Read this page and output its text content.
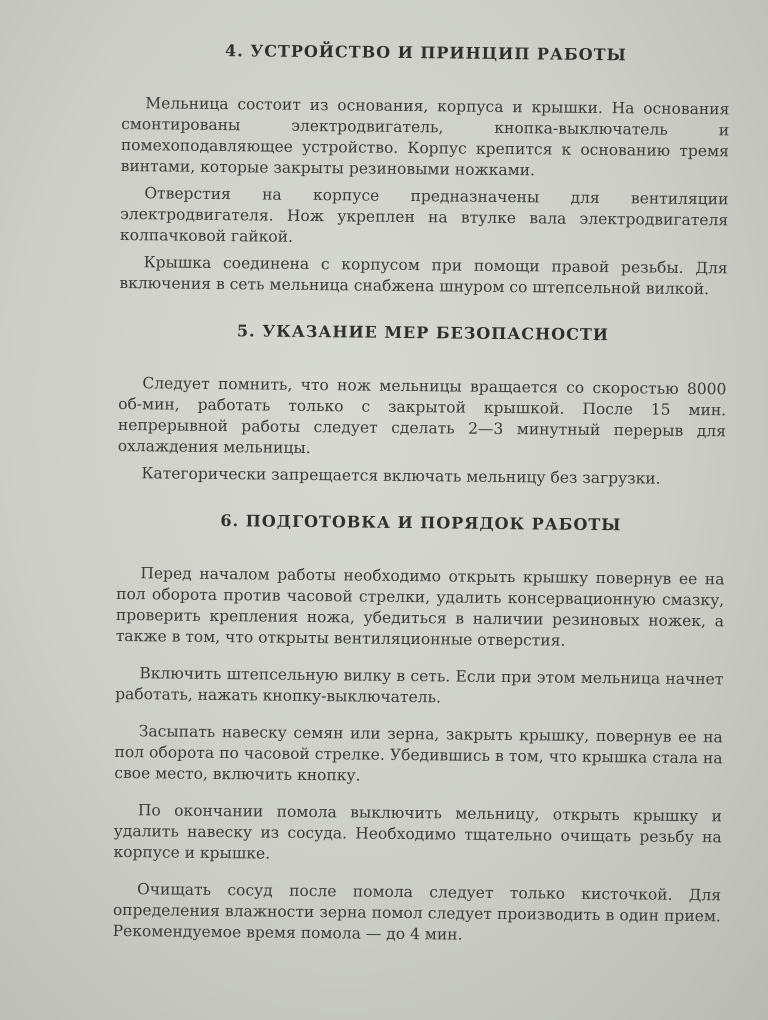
4. УСТРОЙСТВО И ПРИНЦИП РАБОТЫ

Мельница состоит из основания, корпуса и крышки. На основания смонтированы электродвигатель, кнопка-выключатель и помехоподавляющее устройство. Корпус крепится к основанию тремя винтами, которые закрыты резиновыми ножками.

Отверстия на корпусе предназначены для вентиляции электродвигателя. Нож укреплен на втулке вала электродвигателя колпачковой гайкой.

Крышка соединена с корпусом при помощи правой резьбы. Для включения в сеть мельница снабжена шнуром со штепсельной вилкой.

5. УКАЗАНИЕ МЕР БЕЗОПАСНОСТИ

Следует помнить, что нож мельницы вращается со скоростью 8000 об-мин, работать только с закрытой крышкой. После 15 мин. непрерывной работы следует сделать 2—3 минутный перерыв для охлаждения мельницы.

Категорически запрещается включать мельницу без загрузки.

6. ПОДГОТОВКА И ПОРЯДОК РАБОТЫ

Перед началом работы необходимо открыть крышку повернув ее на пол оборота против часовой стрелки, удалить консервационную смазку, проверить крепления ножа, убедиться в наличии резиновых ножек, а также в том, что открыты вентиляционные отверстия.

Включить штепсельную вилку в сеть. Если при этом мельница начнет работать, нажать кнопку-выключатель.

Засыпать навеску семян или зерна, закрыть крышку, повернув ее на пол оборота по часовой стрелке. Убедившись в том, что крышка стала на свое место, включить кнопку.

По окончании помола выключить мельницу, открыть крышку и удалить навеску из сосуда. Необходимо тщательно очищать резьбу на корпусе и крышке.

Очищать сосуд после помола следует только кисточкой. Для определения влажности зерна помол следует производить в один прием. Рекомендуемое время помола — до 4 мин.
